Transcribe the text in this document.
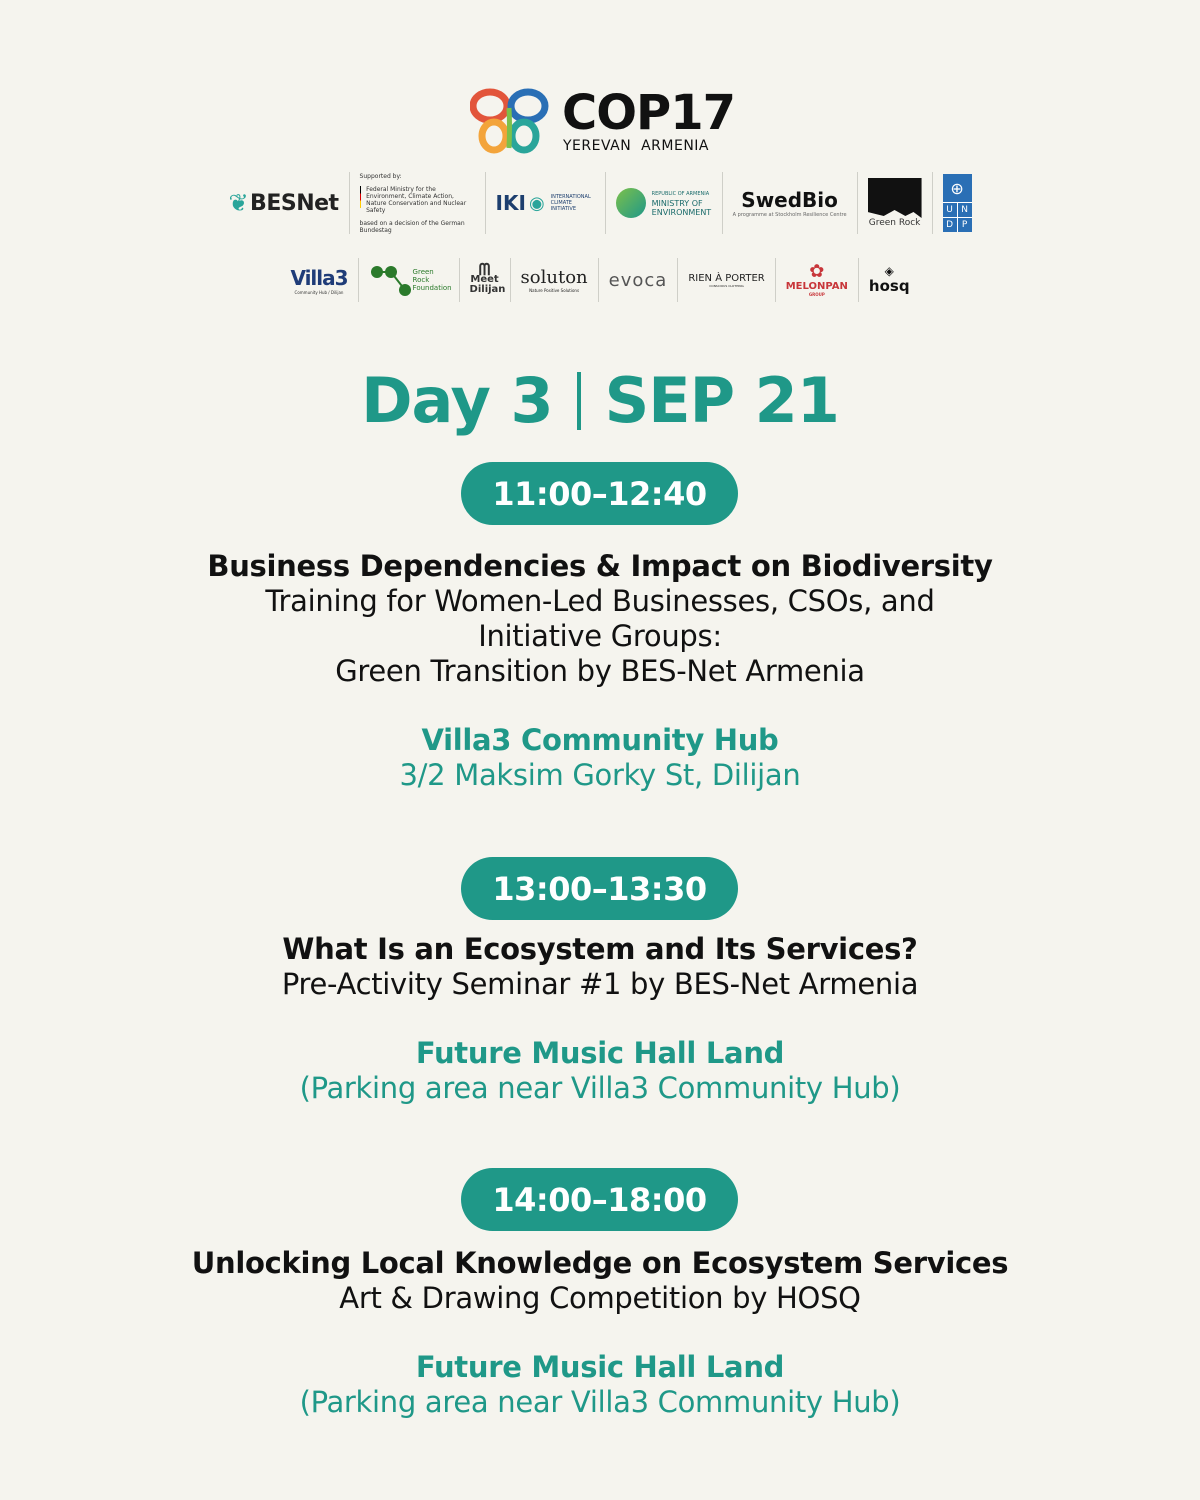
COP17
YEREVAN  ARMENIA
❦ BESNet
Supported by:
Federal Ministry for the Environment, Climate Action, Nature Conservation and Nuclear Safety
based on a decision of the German Bundestag
IKI ◉ INTERNATIONAL CLIMATE INITIATIVE
REPUBLIC OF ARMENIA
MINISTRY OF ENVIRONMENT SwedBio
A programme at Stockholm Resilience Centre
Green Rock
⊕
U N
D P
Villa3
Community Hub / Dilijan
Green Rock Foundation
ᗰ
Meet Dilijan
soluton
Nature Positive Solutions evoca RIEN À PORTER
CONSCIOUS CLOTHING
✿
MELONPAN
GROUP
◈
hosq
Day 3 SEP 21
11:00–12:40
Business Dependencies & Impact on Biodiversity
Training for Women-Led Businesses, CSOs, and
Initiative Groups:
Green Transition by BES-Net Armenia
Villa3 Community Hub
3/2 Maksim Gorky St, Dilijan
13:00–13:30
What Is an Ecosystem and Its Services?
Pre-Activity Seminar #1 by BES-Net Armenia
Future Music Hall Land
(Parking area near Villa3 Community Hub)
14:00–18:00
Unlocking Local Knowledge on Ecosystem Services
Art & Drawing Competition by HOSQ
Future Music Hall Land
(Parking area near Villa3 Community Hub)
